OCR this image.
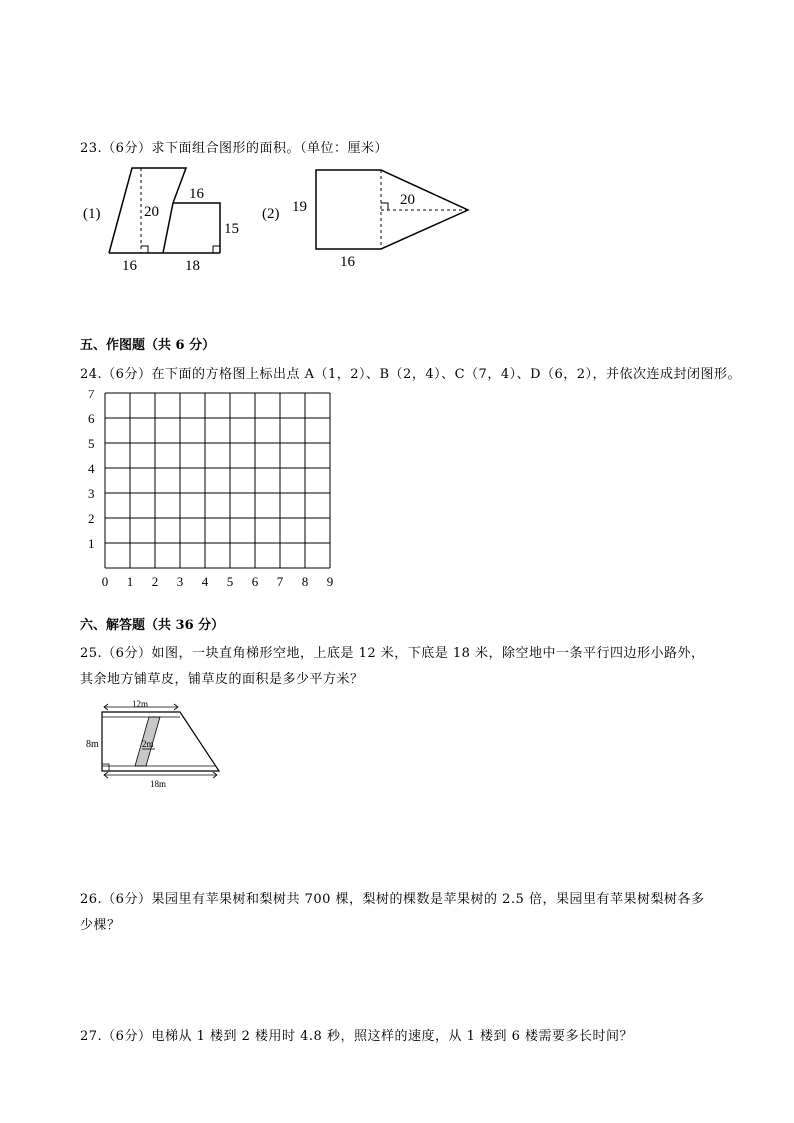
23.（6分）求下面组合图形的面积。（单位：厘米）
(1)	20
16
15
16	18
(2) 19	20
16
五、作图题（共 6 分）
24.（6分）在下面的方格图上标出点 A（1，2）、B（2，4）、C（7，4）、D（6，2），并依次连成封闭图形。
1
2
3
4
5
6
7
0 1 2 3 4 5 6 7 8 9
六、解答题（共 36 分）
25.（6分）如图，一块直角梯形空地，上底是 12 米，下底是 18 米，除空地中一条平行四边形小路外，
其余地方铺草皮，铺草皮的面积是多少平方米？
12m
8m	2m
18m
26.（6分）果园里有苹果树和梨树共 700 棵，梨树的棵数是苹果树的 2.5 倍，果园里有苹果树梨树各多
少棵？
27.（6分）电梯从 1 楼到 2 楼用时 4.8 秒，照这样的速度，从 1 楼到 6 楼需要多长时间？
